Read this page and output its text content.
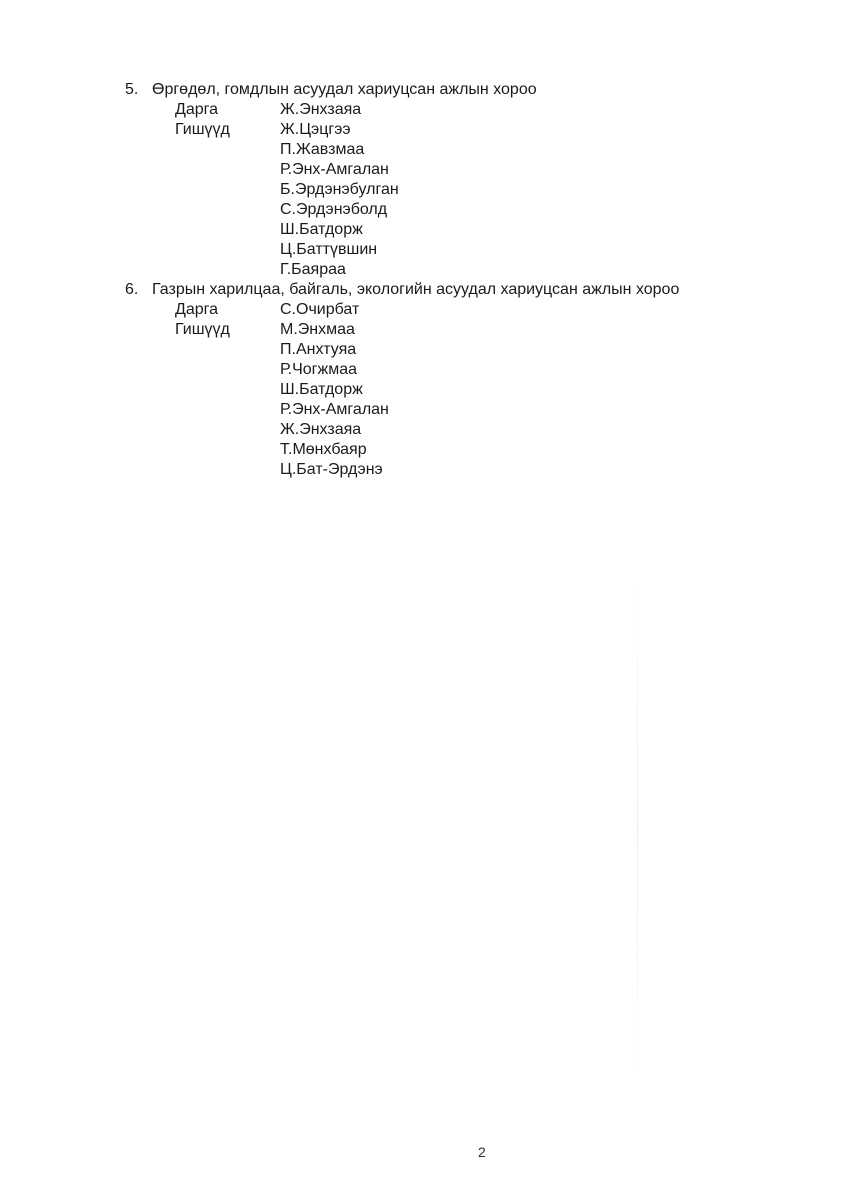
5. Өргөдөл, гомдлын асуудал хариуцсан ажлын хороо
Дарга	Ж.Энхзаяа
Гишүүд	Ж.Цэцгээ
П.Жавзмаа
Р.Энх-Амгалан
Б.Эрдэнэбулган
С.Эрдэнэболд
Ш.Батдорж
Ц.Баттүвшин
Г.Баяраа
6. Газрын харилцаа, байгаль, экологийн асуудал хариуцсан ажлын хороо
Дарга	С.Очирбат
Гишүүд	М.Энхмаа
П.Анхтуяа
Р.Чогжмаа
Ш.Батдорж
Р.Энх-Амгалан
Ж.Энхзаяа
Т.Мөнхбаяр
Ц.Бат-Эрдэнэ
2
